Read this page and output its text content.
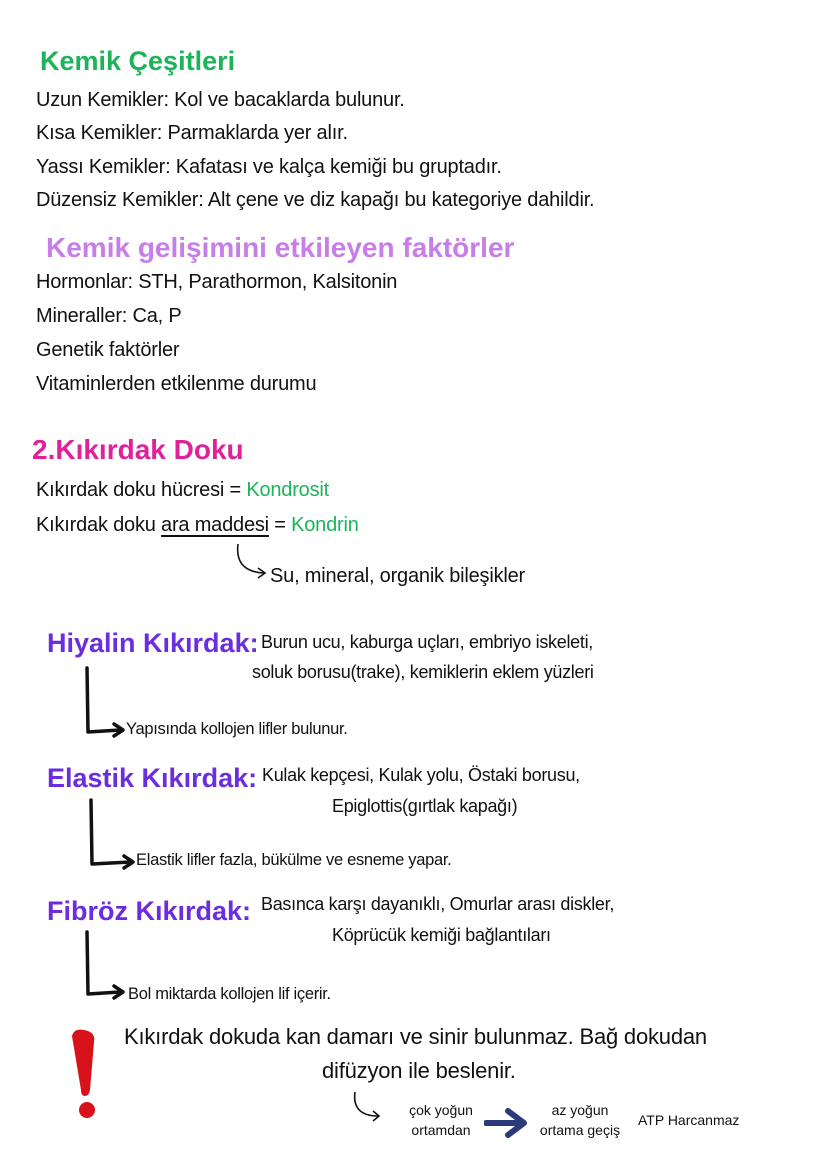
Kemik Çeşitleri
Uzun Kemikler: Kol ve bacaklarda bulunur.
Kısa Kemikler: Parmaklarda yer alır.
Yassı Kemikler: Kafatası ve kalça kemiği bu gruptadır.
Düzensiz Kemikler: Alt çene ve diz kapağı bu kategoriye dahildir.
Kemik gelişimini etkileyen faktörler
Hormonlar: STH, Parathormon, Kalsitonin
Mineraller: Ca, P
Genetik faktörler
Vitaminlerden etkilenme durumu
2.Kıkırdak Doku
Kıkırdak doku hücresi = Kondrosit
Kıkırdak doku ara maddesi = Kondrin
Su, mineral, organik bileşikler
Hiyalin Kıkırdak: Burun ucu, kaburga uçları, embriyo iskeleti,
soluk borusu(trake), kemiklerin eklem yüzleri
Yapısında kollojen lifler bulunur.
Elastik Kıkırdak: Kulak kepçesi, Kulak yolu, Östaki borusu,
Epiglottis(gırtlak kapağı)
Elastik lifler fazla, bükülme ve esneme yapar.
Fibröz Kıkırdak: Basınca karşı dayanıklı, Omurlar arası diskler,
Köprücük kemiği bağlantıları
Bol miktarda kollojen lif içerir.
Kıkırdak dokuda kan damarı ve sinir bulunmaz. Bağ dokudan
difüzyon ile beslenir.
çok yoğun
ortamdan
az yoğun
ortama geçiş
ATP Harcanmaz
